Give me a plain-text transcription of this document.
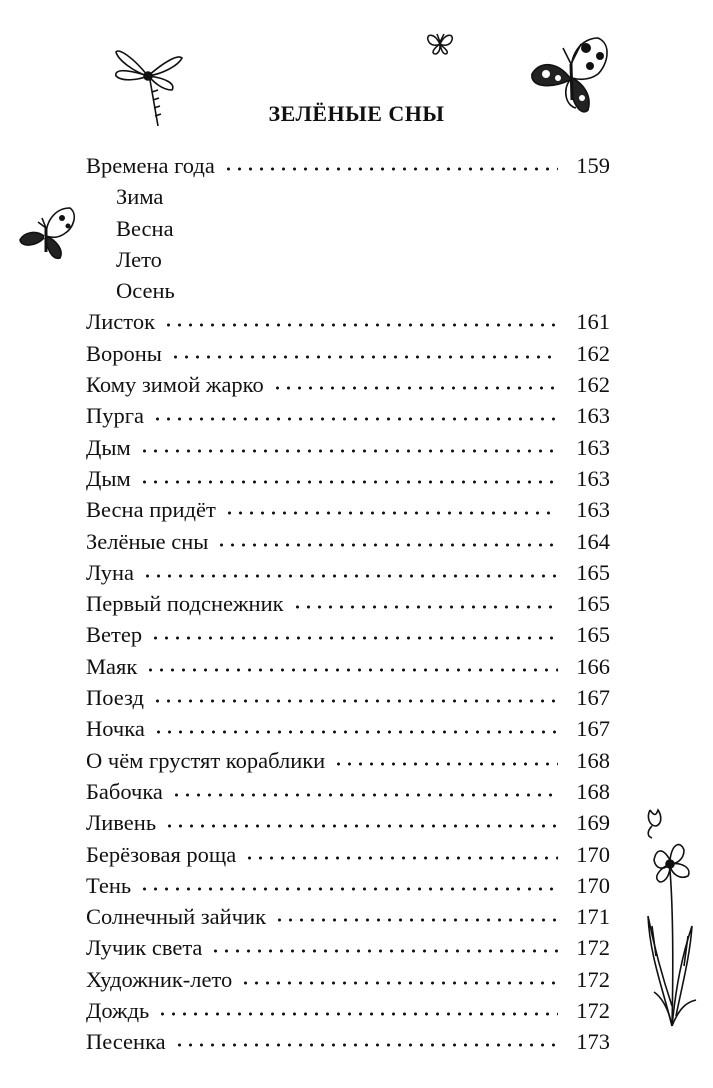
ЗЕЛЁНЫЕ СНЫ
Времена года	159
Зима
Весна
Лето
Осень
Листок	161
Вороны	162
Кому зимой жарко	162
Пурга	163
Дым	163
Дым	163
Весна придёт	163
Зелёные сны	164
Луна	165
Первый подснежник	165
Ветер	165
Маяк	166
Поезд	167
Ночка	167
О чём грустят кораблики	168
Бабочка	168
Ливень	169
Берёзовая роща	170
Тень	170
Солнечный зайчик	171
Лучик света	172
Художник-лето	172
Дождь	172
Песенка	173
